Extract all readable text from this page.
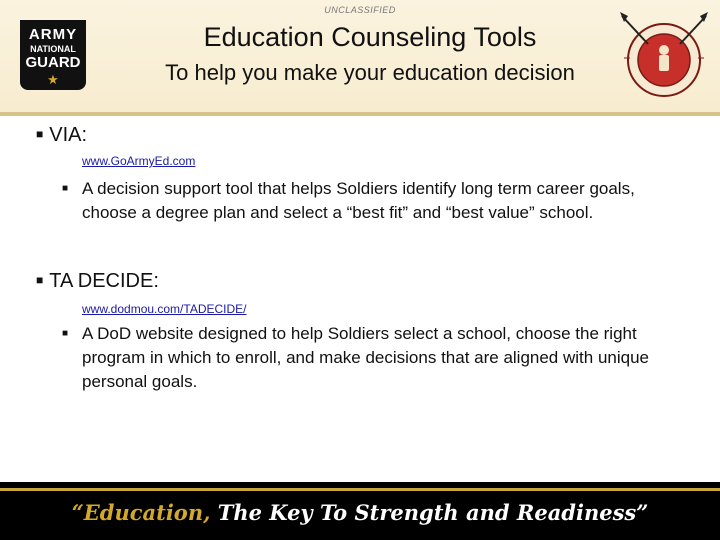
UNCLASSIFIED
ARMY
NATIONAL
GUARD
★
Education Counseling Tools
To help you make your education decision
■ VIA:
www.GoArmyEd.com
■ A decision support tool that helps Soldiers identify long term career goals, choose a degree plan and select a “best fit” and “best value” school.
■ TA DECIDE:
www.dodmou.com/TADECIDE/
■ A DoD website designed to help Soldiers select a school, choose the right program in which to enroll, and make decisions that are aligned with unique personal goals.
“Education, The Key To Strength and Readiness”
